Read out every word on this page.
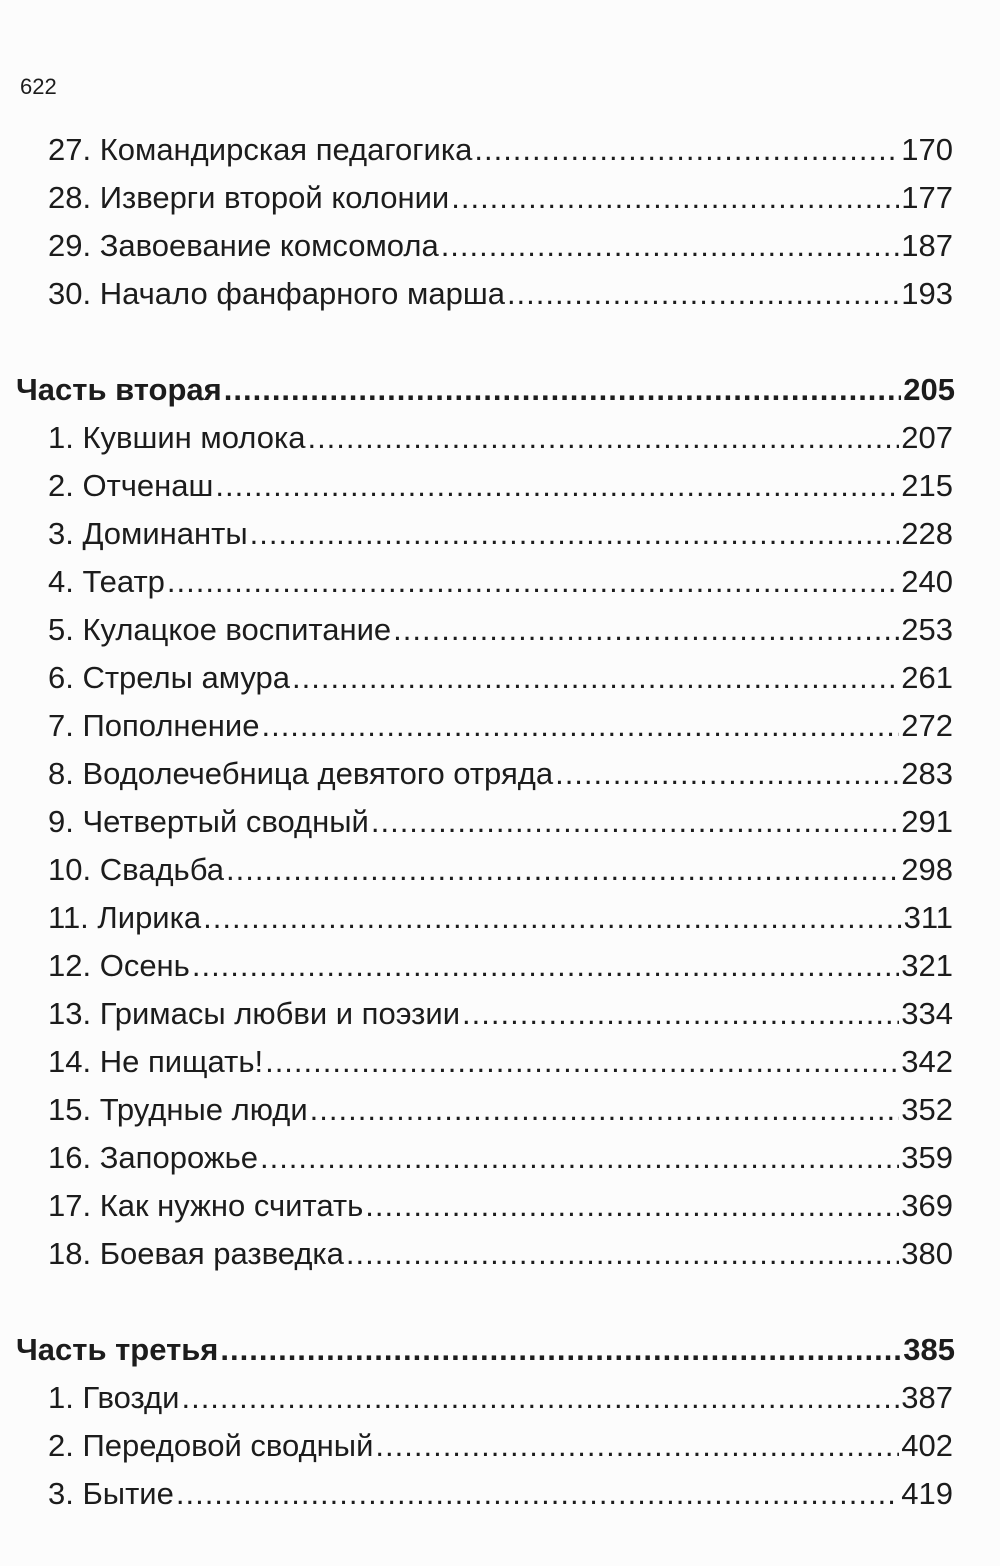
622
27. Командирская педагогика .....	170
28. Изверги второй колонии .....	177
29. Завоевание комсомола .....	187
30. Начало фанфарного марша .....	193
Часть вторая .....	205
1. Кувшин молока .....	207
2. Отченаш .....	215
3. Доминанты .....	228
4. Театр .....	240
5. Кулацкое воспитание .....	253
6. Стрелы амура .....	261
7. Пополнение .....	272
8. Водолечебница девятого отряда .....	283
9. Четвертый сводный .....	291
10. Свадьба .....	298
11. Лирика .....	311
12. Осень .....	321
13. Гримасы любви и поэзии .....	334
14. Не пищать! .....	342
15. Трудные люди .....	352
16. Запорожье .....	359
17. Как нужно считать .....	369
18. Боевая разведка .....	380
Часть третья .....	385
1. Гвозди .....	387
2. Передовой сводный .....	402
3. Бытие .....	419
